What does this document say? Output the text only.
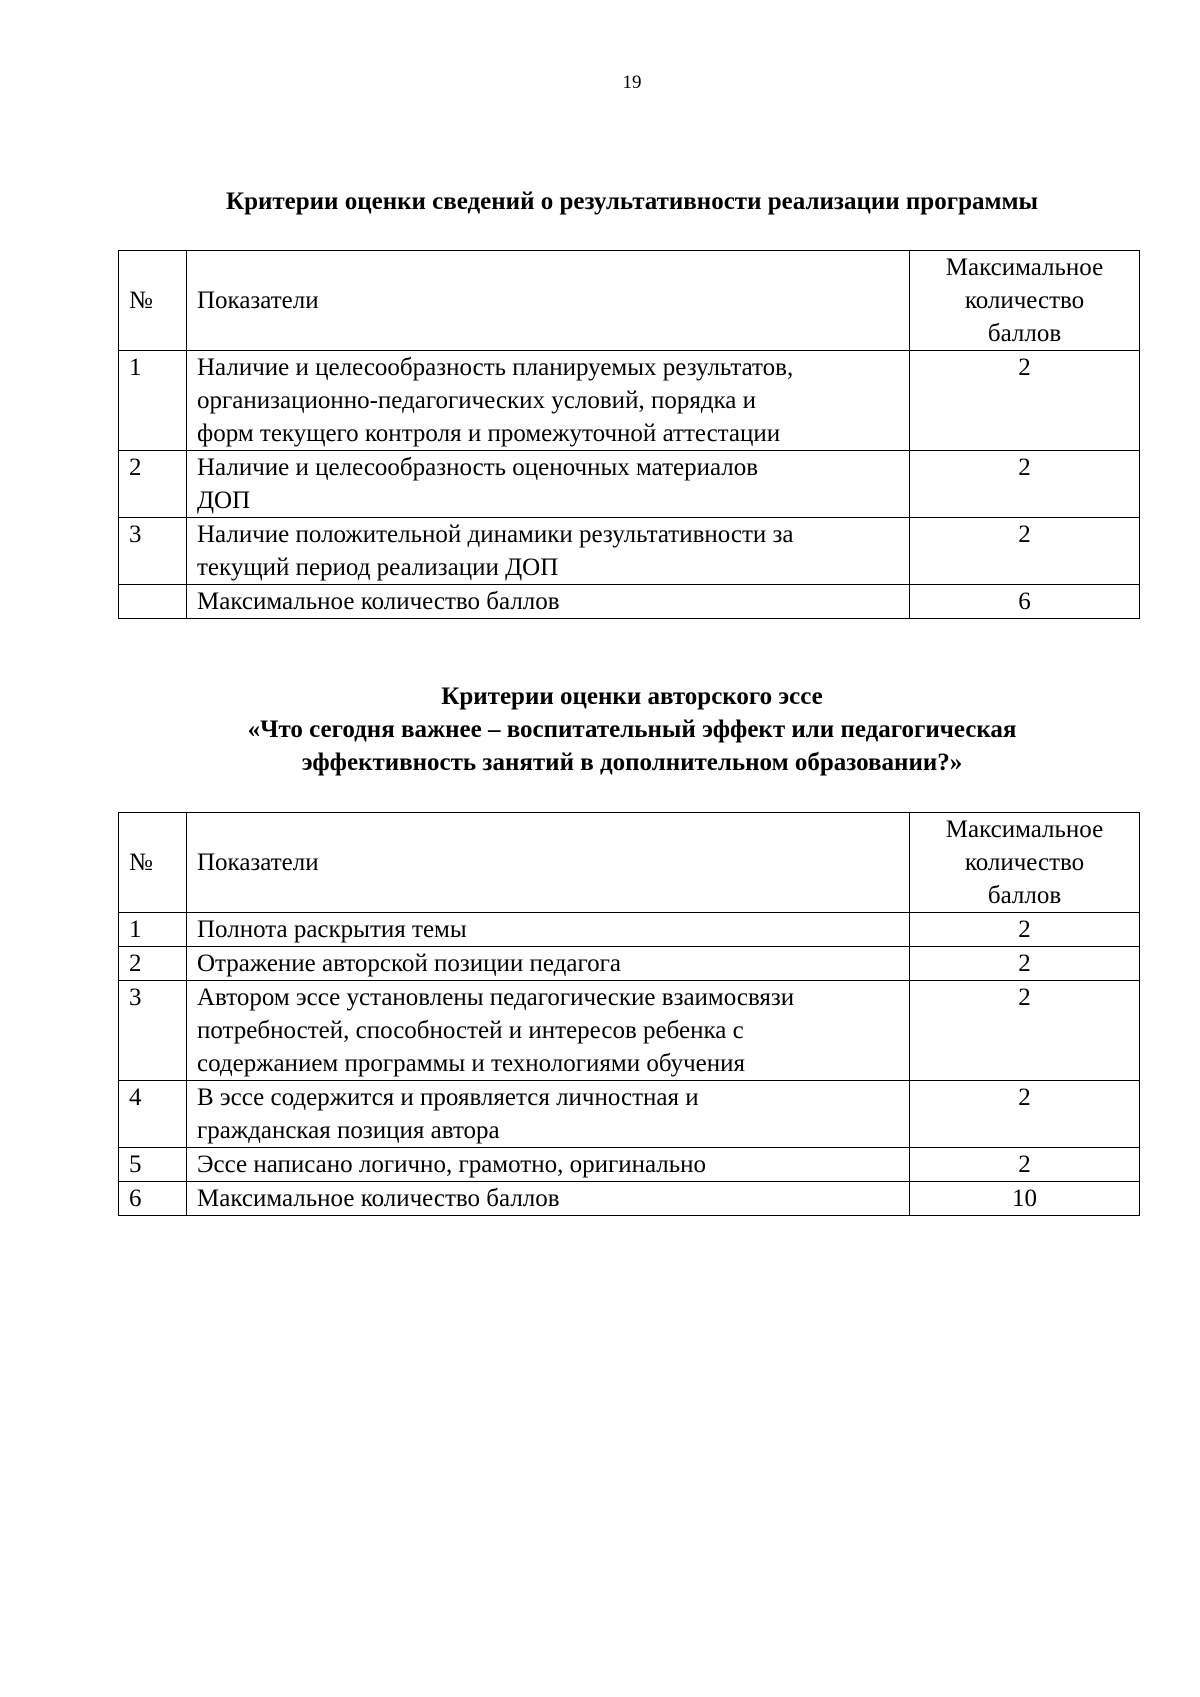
19
Критерии оценки сведений о результативности реализации программы
№	Показатели	Максимальное
количество
баллов

1	Наличие и целесообразность планируемых результатов,
организационно-педагогических условий, порядка и
форм текущего контроля и промежуточной аттестации	2
2	Наличие и целесообразность оценочных материалов
ДОП	2
3	Наличие положительной динамики результативности за
текущий период реализации ДОП	2

	Максимальное количество баллов	6
Критерии оценки авторского эссе
«Что сегодня важнее – воспитательный эффект или педагогическая
эффективность занятий в дополнительном образовании?»
№	Показатели	Максимальное
количество
баллов

1	Полнота раскрытия темы	2
2	Отражение авторской позиции педагога	2
3	Автором эссе установлены педагогические взаимосвязи
потребностей, способностей и интересов ребенка с
содержанием программы и технологиями обучения	2
4	В эссе содержится и проявляется личностная и
гражданская позиция автора	2
5	Эссе написано логично, грамотно, оригинально	2
6	Максимальное количество баллов	10
